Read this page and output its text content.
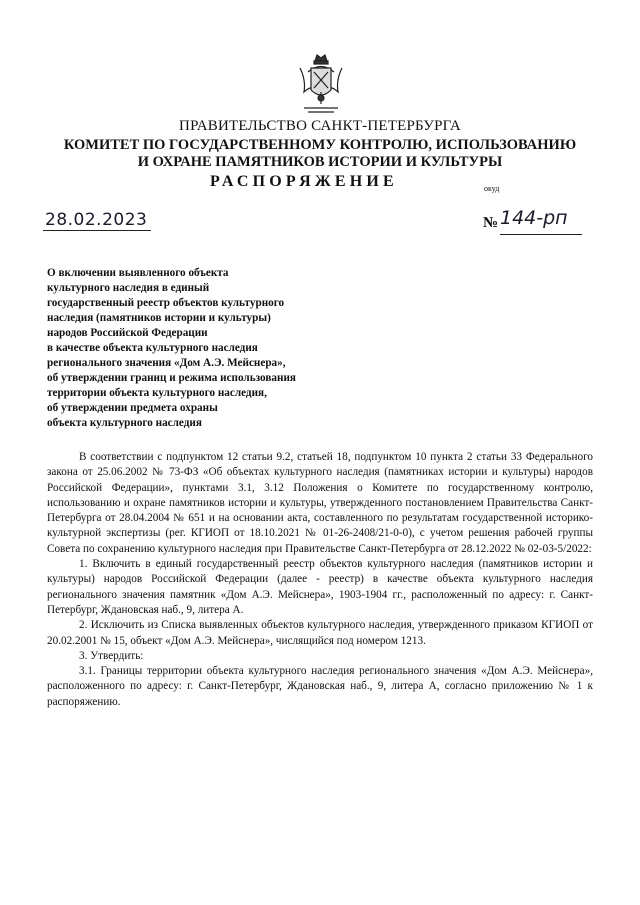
ПРАВИТЕЛЬСТВО САНКТ-ПЕТЕРБУРГА
КОМИТЕТ ПО ГОСУДАРСТВЕННОМУ КОНТРОЛЮ, ИСПОЛЬЗОВАНИЮ
И ОХРАНЕ ПАМЯТНИКОВ ИСТОРИИ И КУЛЬТУРЫ
РАСПОРЯЖЕНИЕ	окуд
28.02.2023	№ 144-рп
О включении выявленного объекта
культурного наследия в единый
государственный реестр объектов культурного
наследия (памятников истории и культуры)
народов Российской Федерации
в качестве объекта культурного наследия
регионального значения «Дом А.Э. Мейснера»,
об утверждении границ и режима использования
территории объекта культурного наследия,
об утверждении предмета охраны
объекта культурного наследия

В соответствии с подпунктом 12 статьи 9.2, статьей 18, подпунктом 10 пункта 2 статьи 33 Федерального закона от 25.06.2002 № 73-ФЗ «Об объектах культурного наследия (памятниках истории и культуры) народов Российской Федерации», пунктами 3.1, 3.12 Положения о Комитете по государственному контролю, использованию и охране памятников истории и культуры, утвержденного постановлением Правительства Санкт-Петербурга от 28.04.2004 № 651 и на основании акта, составленного по результатам государственной историко-культурной экспертизы (рег. КГИОП от 18.10.2021 № 01-26-2408/21-0-0), с учетом решения рабочей группы Совета по сохранению культурного наследия при Правительстве Санкт-Петербурга от 28.12.2022 № 02-03-5/2022:

1. Включить в единый государственный реестр объектов культурного наследия (памятников истории и культуры) народов Российской Федерации (далее - реестр) в качестве объекта культурного наследия регионального значения памятник «Дом А.Э. Мейснера», 1903-1904 гг., расположенный по адресу: г. Санкт-Петербург, Ждановская наб., 9, литера А.

2. Исключить из Списка выявленных объектов культурного наследия, утвержденного приказом КГИОП от 20.02.2001 № 15, объект «Дом А.Э. Мейснера», числящийся под номером 1213.

3. Утвердить:

3.1. Границы территории объекта культурного наследия регионального значения «Дом А.Э. Мейснера», расположенного по адресу: г. Санкт-Петербург, Ждановская наб., 9, литера А, согласно приложению № 1 к распоряжению.
